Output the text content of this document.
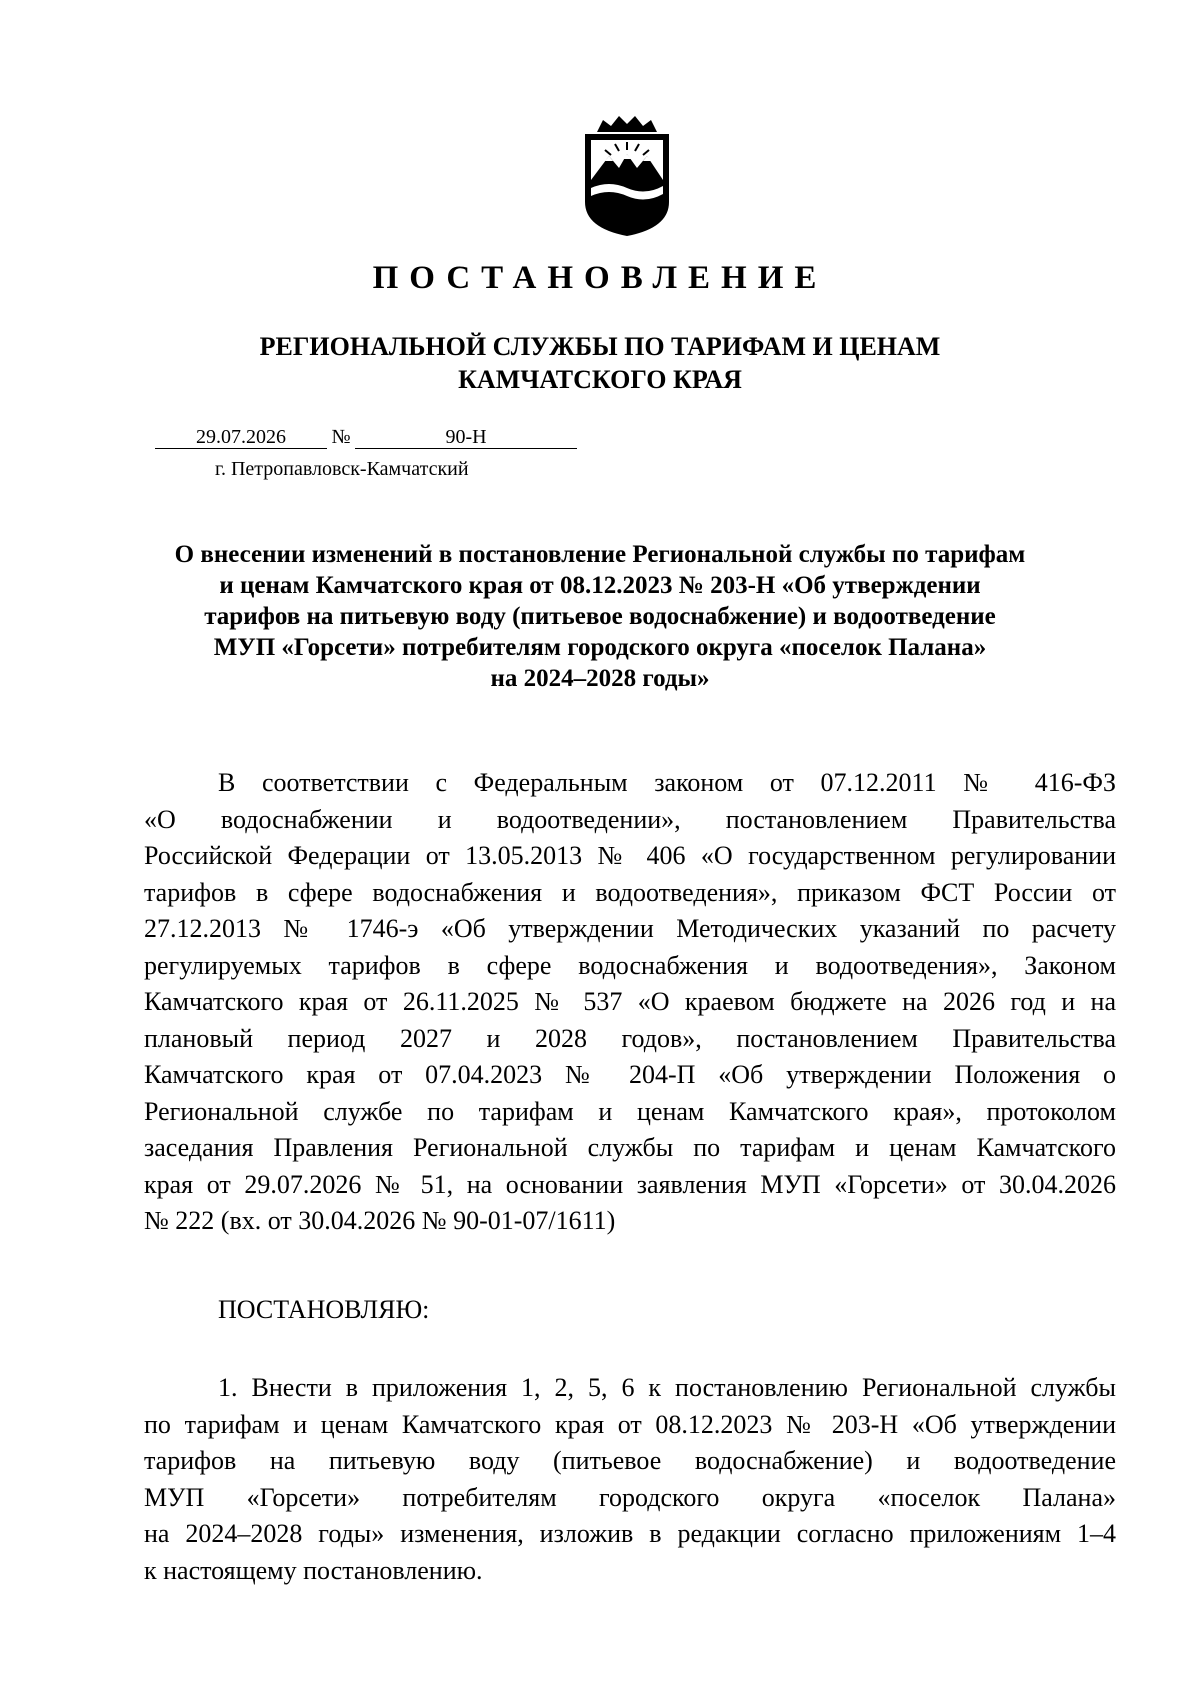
ПОСТАНОВЛЕНИЕ
РЕГИОНАЛЬНОЙ СЛУЖБЫ ПО ТАРИФАМ И ЦЕНАМ
КАМЧАТСКОГО КРАЯ
29.07.2026 №	90-Н
г. Петропавловск-Камчатский
О внесении изменений в постановление Региональной службы по тарифам
и ценам Камчатского края от 08.12.2023 № 203-Н «Об утверждении
тарифов на питьевую воду (питьевое водоснабжение) и водоотведение
МУП «Горсети» потребителям городского округа «поселок Палана»
на 2024–2028 годы»
В соответствии с Федеральным законом от 07.12.2011 № 416-ФЗ
«О водоснабжении и водоотведении», постановлением Правительства
Российской Федерации от 13.05.2013 № 406 «О государственном регулировании
тарифов в сфере водоснабжения и водоотведения», приказом ФСТ России от
27.12.2013 № 1746-э «Об утверждении Методических указаний по расчету
регулируемых тарифов в сфере водоснабжения и водоотведения», Законом
Камчатского края от 26.11.2025 № 537 «О краевом бюджете на 2026 год и на
плановый период 2027 и 2028 годов», постановлением Правительства
Камчатского края от 07.04.2023 № 204-П «Об утверждении Положения о
Региональной службе по тарифам и ценам Камчатского края», протоколом
заседания Правления Региональной службы по тарифам и ценам Камчатского
края от 29.07.2026 № 51, на основании заявления МУП «Горсети» от 30.04.2026
№ 222 (вх. от 30.04.2026 № 90-01-07/1611)
ПОСТАНОВЛЯЮ:
1. Внести в приложения 1, 2, 5, 6 к постановлению Региональной службы
по тарифам и ценам Камчатского края от 08.12.2023 № 203-Н «Об утверждении
тарифов на питьевую воду (питьевое водоснабжение) и водоотведение
МУП «Горсети» потребителям городского округа «поселок Палана»
на 2024–2028 годы» изменения, изложив в редакции согласно приложениям 1–4
к настоящему постановлению.
